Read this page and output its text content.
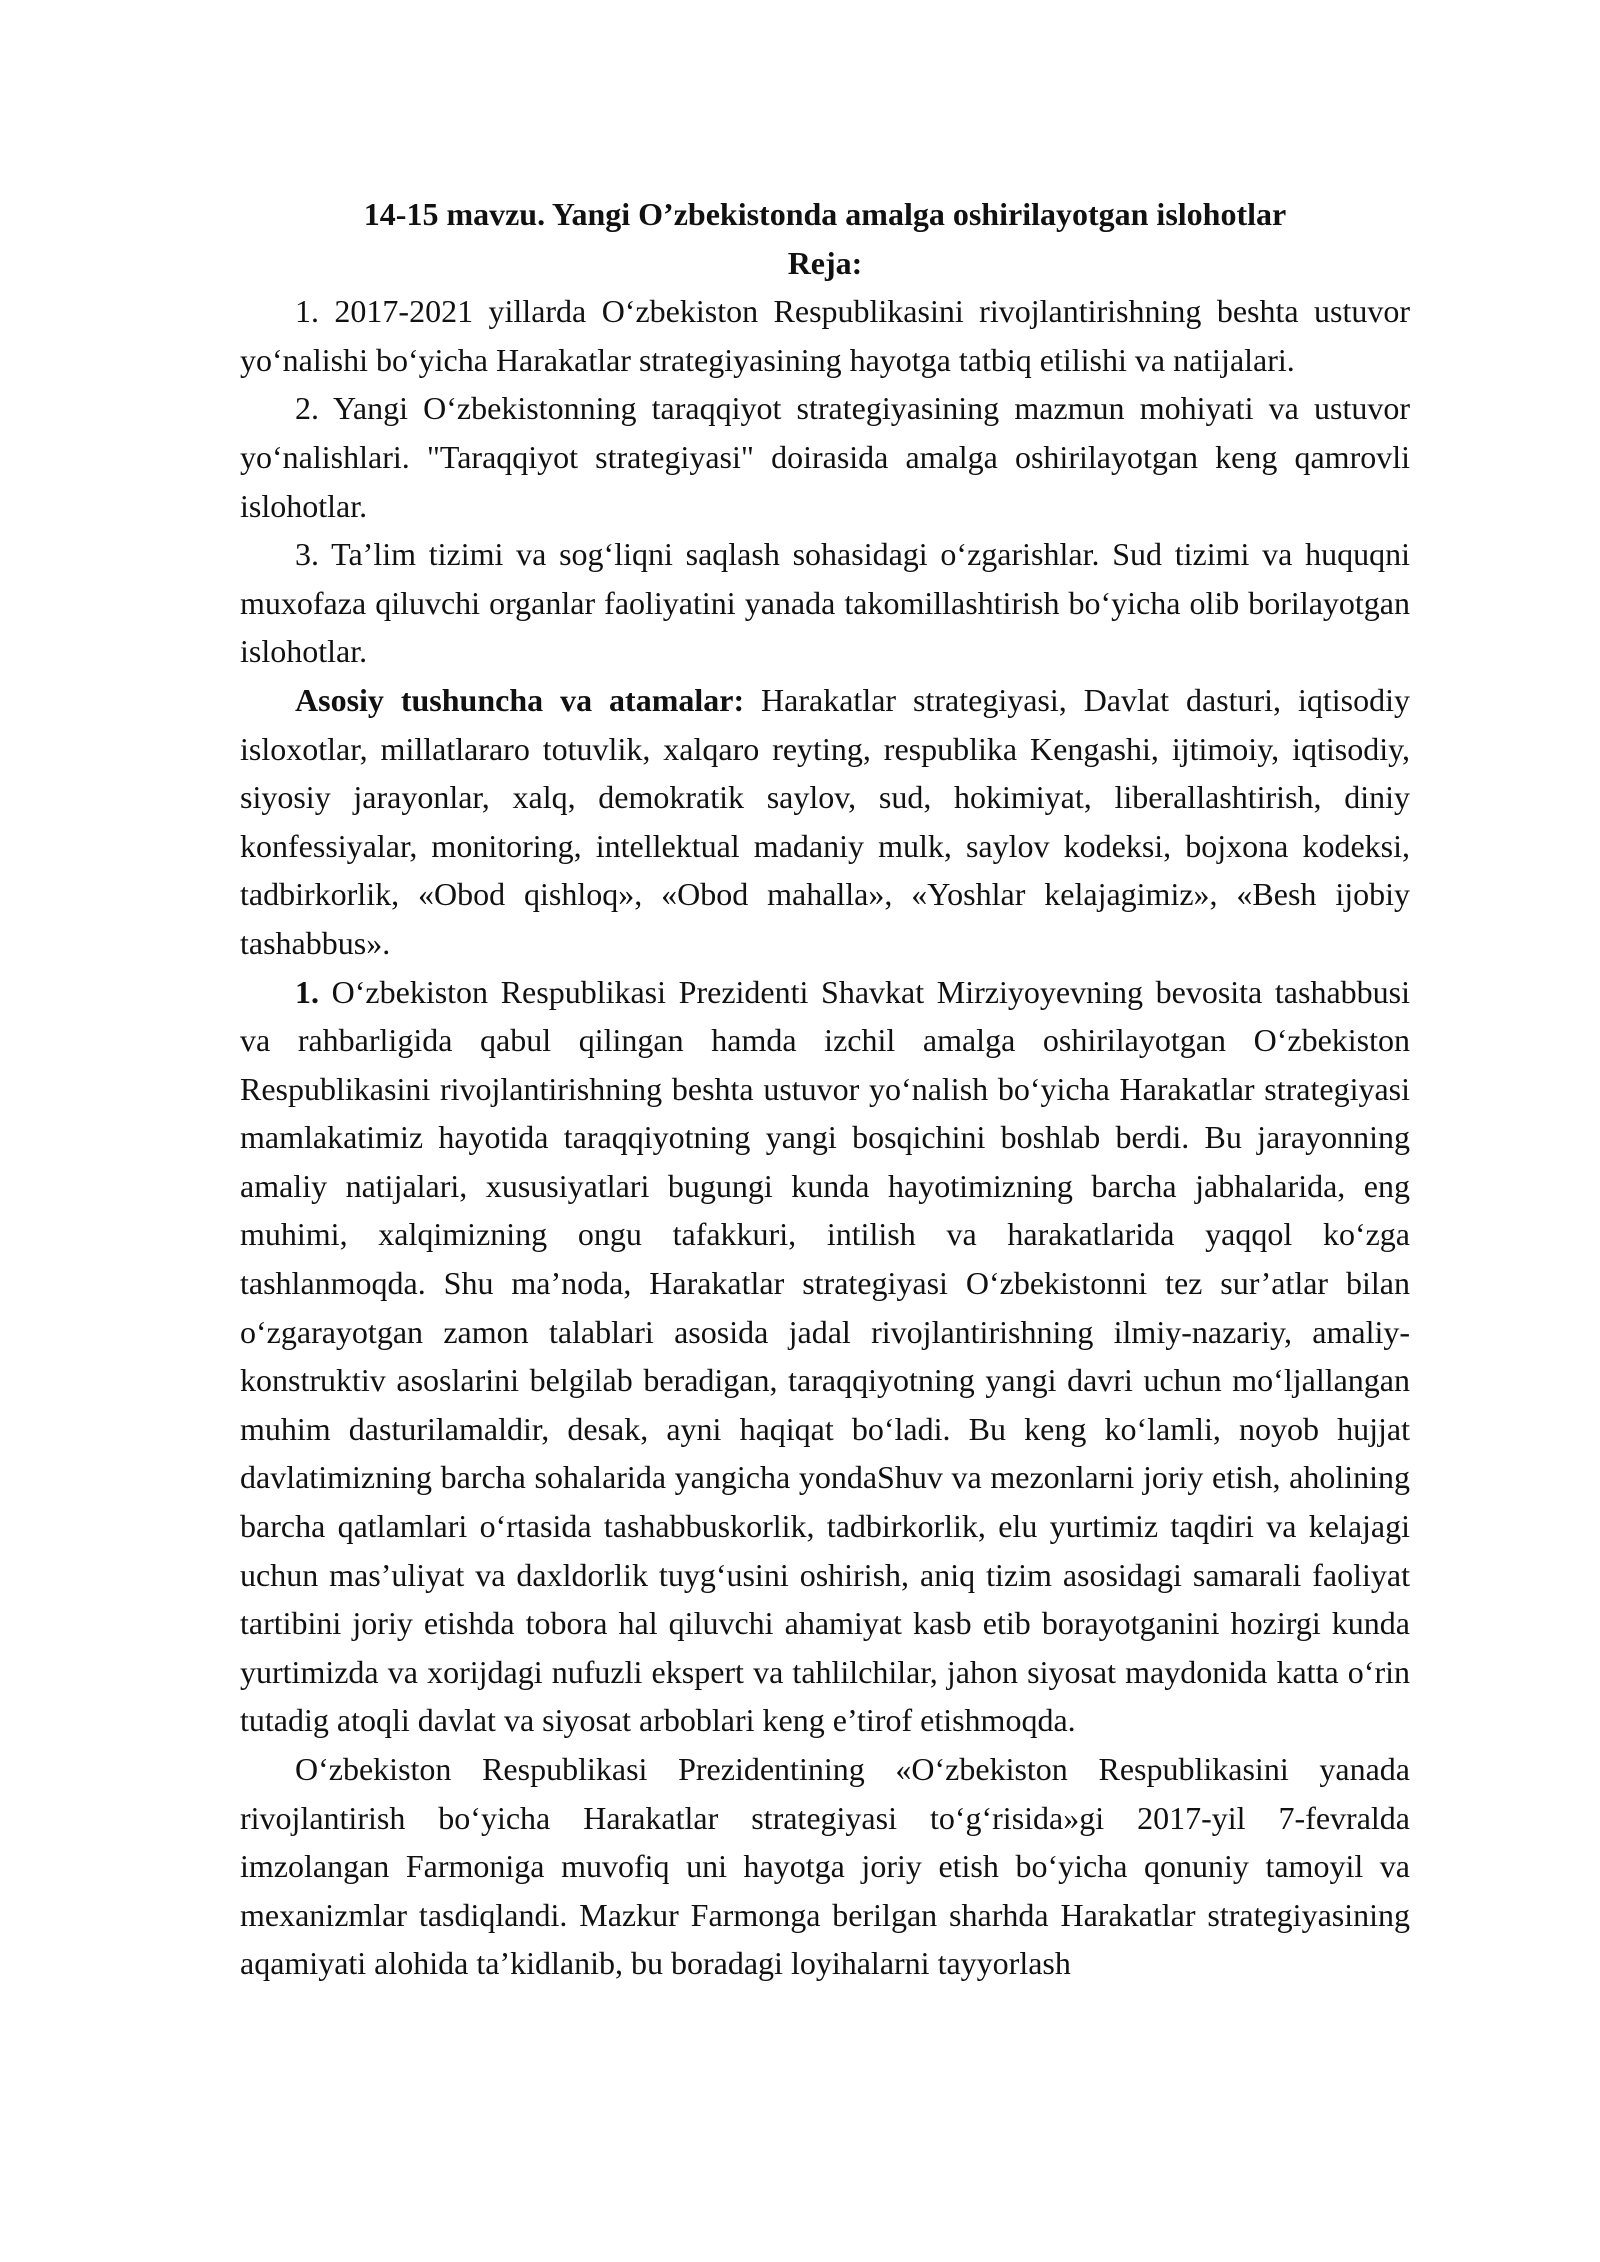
14-15 mavzu. Yangi O’zbekistonda amalga oshirilayotgan islohotlar

Reja:

1. 2017-2021 yillarda O‘zbekiston Respublikasini rivojlantirishning beshta ustuvor yo‘nalishi bo‘yicha Harakatlar strategiyasining hayotga tatbiq etilishi va natijalari.

2. Yangi O‘zbekistonning taraqqiyot strategiyasining mazmun mohiyati va ustuvor yo‘nalishlari. "Taraqqiyot strategiyasi" doirasida amalga oshirilayotgan keng qamrovli islohotlar.

3. Ta’lim tizimi va sog‘liqni saqlash sohasidagi o‘zgarishlar. Sud tizimi va huquqni muxofaza qiluvchi organlar faoliyatini yanada takomillashtirish bo‘yicha olib borilayotgan islohotlar.

Asosiy tushuncha va atamalar: Harakatlar strategiyasi, Davlat dasturi, iqtisodiy isloxotlar, millatlararo totuvlik, xalqaro reyting, respublika Kengashi, ijtimoiy, iqtisodiy, siyosiy jarayonlar, xalq, demokratik saylov, sud, hokimiyat, liberallashtirish, diniy konfessiyalar, monitoring, intellektual madaniy mulk, saylov kodeksi, bojxona kodeksi, tadbirkorlik, «Obod qishloq», «Obod mahalla», «Yoshlar kelajagimiz», «Besh ijobiy tashabbus».

1. O‘zbekiston Respublikasi Prezidenti Shavkat Mirziyoyevning bevosita tashabbusi va rahbarligida qabul qilingan hamda izchil amalga oshirilayotgan O‘zbekiston Respublikasini rivojlantirishning beshta ustuvor yo‘nalish bo‘yicha Harakatlar strategiyasi mamlakatimiz hayotida taraqqiyotning yangi bosqichini boshlab berdi. Bu jarayonning amaliy natijalari, xususiyatlari bugungi kunda hayotimizning barcha jabhalarida, eng muhimi, xalqimizning ongu tafakkuri, intilish va harakatlarida yaqqol ko‘zga tashlanmoqda. Shu ma’noda, Harakatlar strategiyasi O‘zbekistonni tez sur’atlar bilan o‘zgarayotgan zamon talablari asosida jadal rivojlantirishning ilmiy-nazariy, amaliy-konstruktiv asoslarini belgilab beradigan, taraqqiyotning yangi davri uchun mo‘ljallangan muhim dasturilamaldir, desak, ayni haqiqat bo‘ladi. Bu keng ko‘lamli, noyob hujjat davlatimizning barcha sohalarida yangicha yondaShuv va mezonlarni joriy etish, aholining barcha qatlamlari o‘rtasida tashabbuskorlik, tadbirkorlik, elu yurtimiz taqdiri va kelajagi uchun mas’uliyat va daxldorlik tuyg‘usini oshirish, aniq tizim asosidagi samarali faoliyat tartibini joriy etishda tobora hal qiluvchi ahamiyat kasb etib borayotganini hozirgi kunda yurtimizda va xorijdagi nufuzli ekspert va tahlilchilar, jahon siyosat maydonida katta o‘rin tutadig atoqli davlat va siyosat arboblari keng e’tirof etishmoqda.

O‘zbekiston Respublikasi Prezidentining «O‘zbekiston Respublikasini yanada rivojlantirish bo‘yicha Harakatlar strategiyasi to‘g‘risida»gi 2017-yil 7-fevralda imzolangan Farmoniga muvofiq uni hayotga joriy etish bo‘yicha qonuniy tamoyil va mexanizmlar tasdiqlandi. Mazkur Farmonga berilgan sharhda Harakatlar strategiyasining aqamiyati alohida ta’kidlanib, bu boradagi loyihalarni tayyorlash
